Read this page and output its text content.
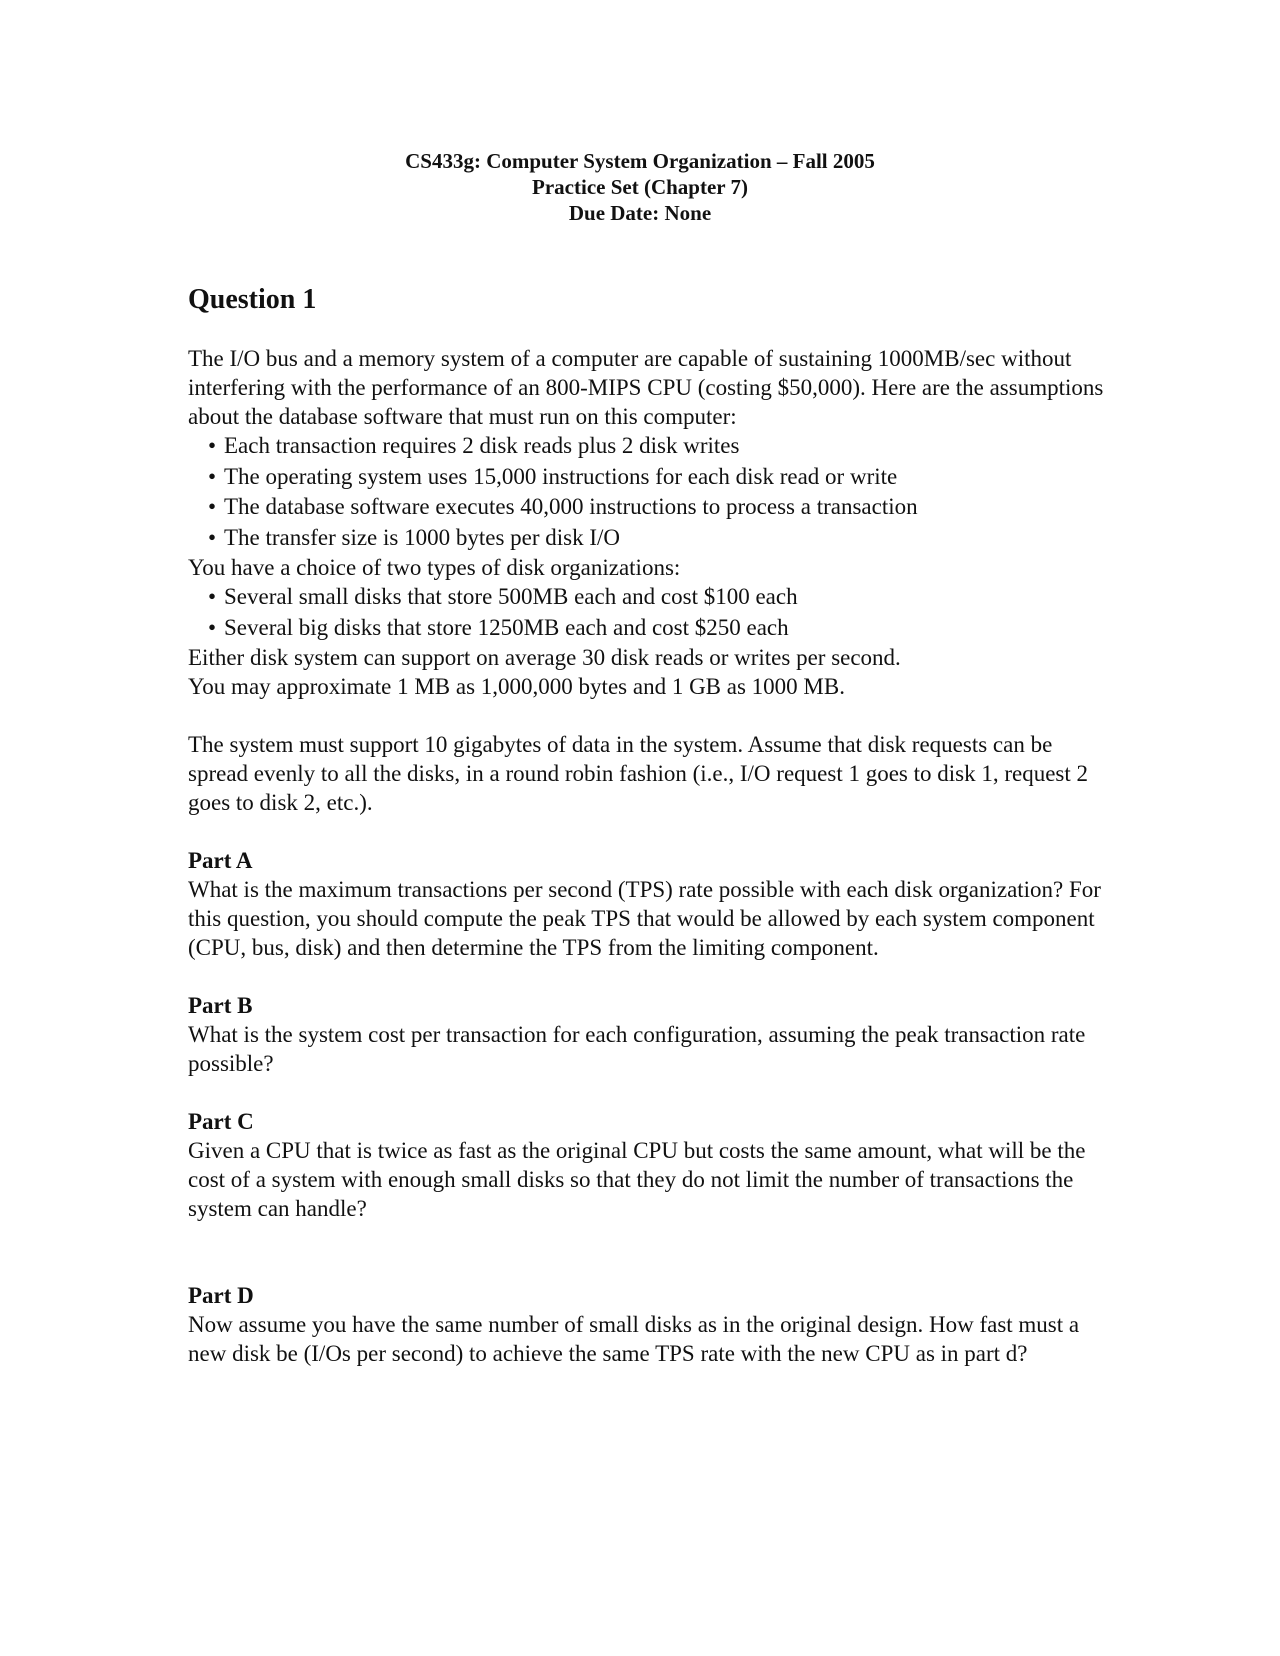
CS433g: Computer System Organization – Fall 2005
Practice Set (Chapter 7)
Due Date: None
Question 1

The I/O bus and a memory system of a computer are capable of sustaining 1000MB/sec without interfering with the performance of an 800-MIPS CPU (costing $50,000). Here are the assumptions about the database software that must run on this computer:

• Each transaction requires 2 disk reads plus 2 disk writes
• The operating system uses 15,000 instructions for each disk read or write
• The database software executes 40,000 instructions to process a transaction
• The transfer size is 1000 bytes per disk I/O

You have a choice of two types of disk organizations:

• Several small disks that store 500MB each and cost $100 each
• Several big disks that store 1250MB each and cost $250 each

Either disk system can support on average 30 disk reads or writes per second.

You may approximate 1 MB as 1,000,000 bytes and 1 GB as 1000 MB.

The system must support 10 gigabytes of data in the system. Assume that disk requests can be spread evenly to all the disks, in a round robin fashion (i.e., I/O request 1 goes to disk 1, request 2 goes to disk 2, etc.).

Part A

What is the maximum transactions per second (TPS) rate possible with each disk organization? For this question, you should compute the peak TPS that would be allowed by each system component (CPU, bus, disk) and then determine the TPS from the limiting component.

Part B

What is the system cost per transaction for each configuration, assuming the peak transaction rate possible?

Part C

Given a CPU that is twice as fast as the original CPU but costs the same amount, what will be the cost of a system with enough small disks so that they do not limit the number of transactions the system can handle?

Part D

Now assume you have the same number of small disks as in the original design. How fast must a new disk be (I/Os per second) to achieve the same TPS rate with the new CPU as in part d?
